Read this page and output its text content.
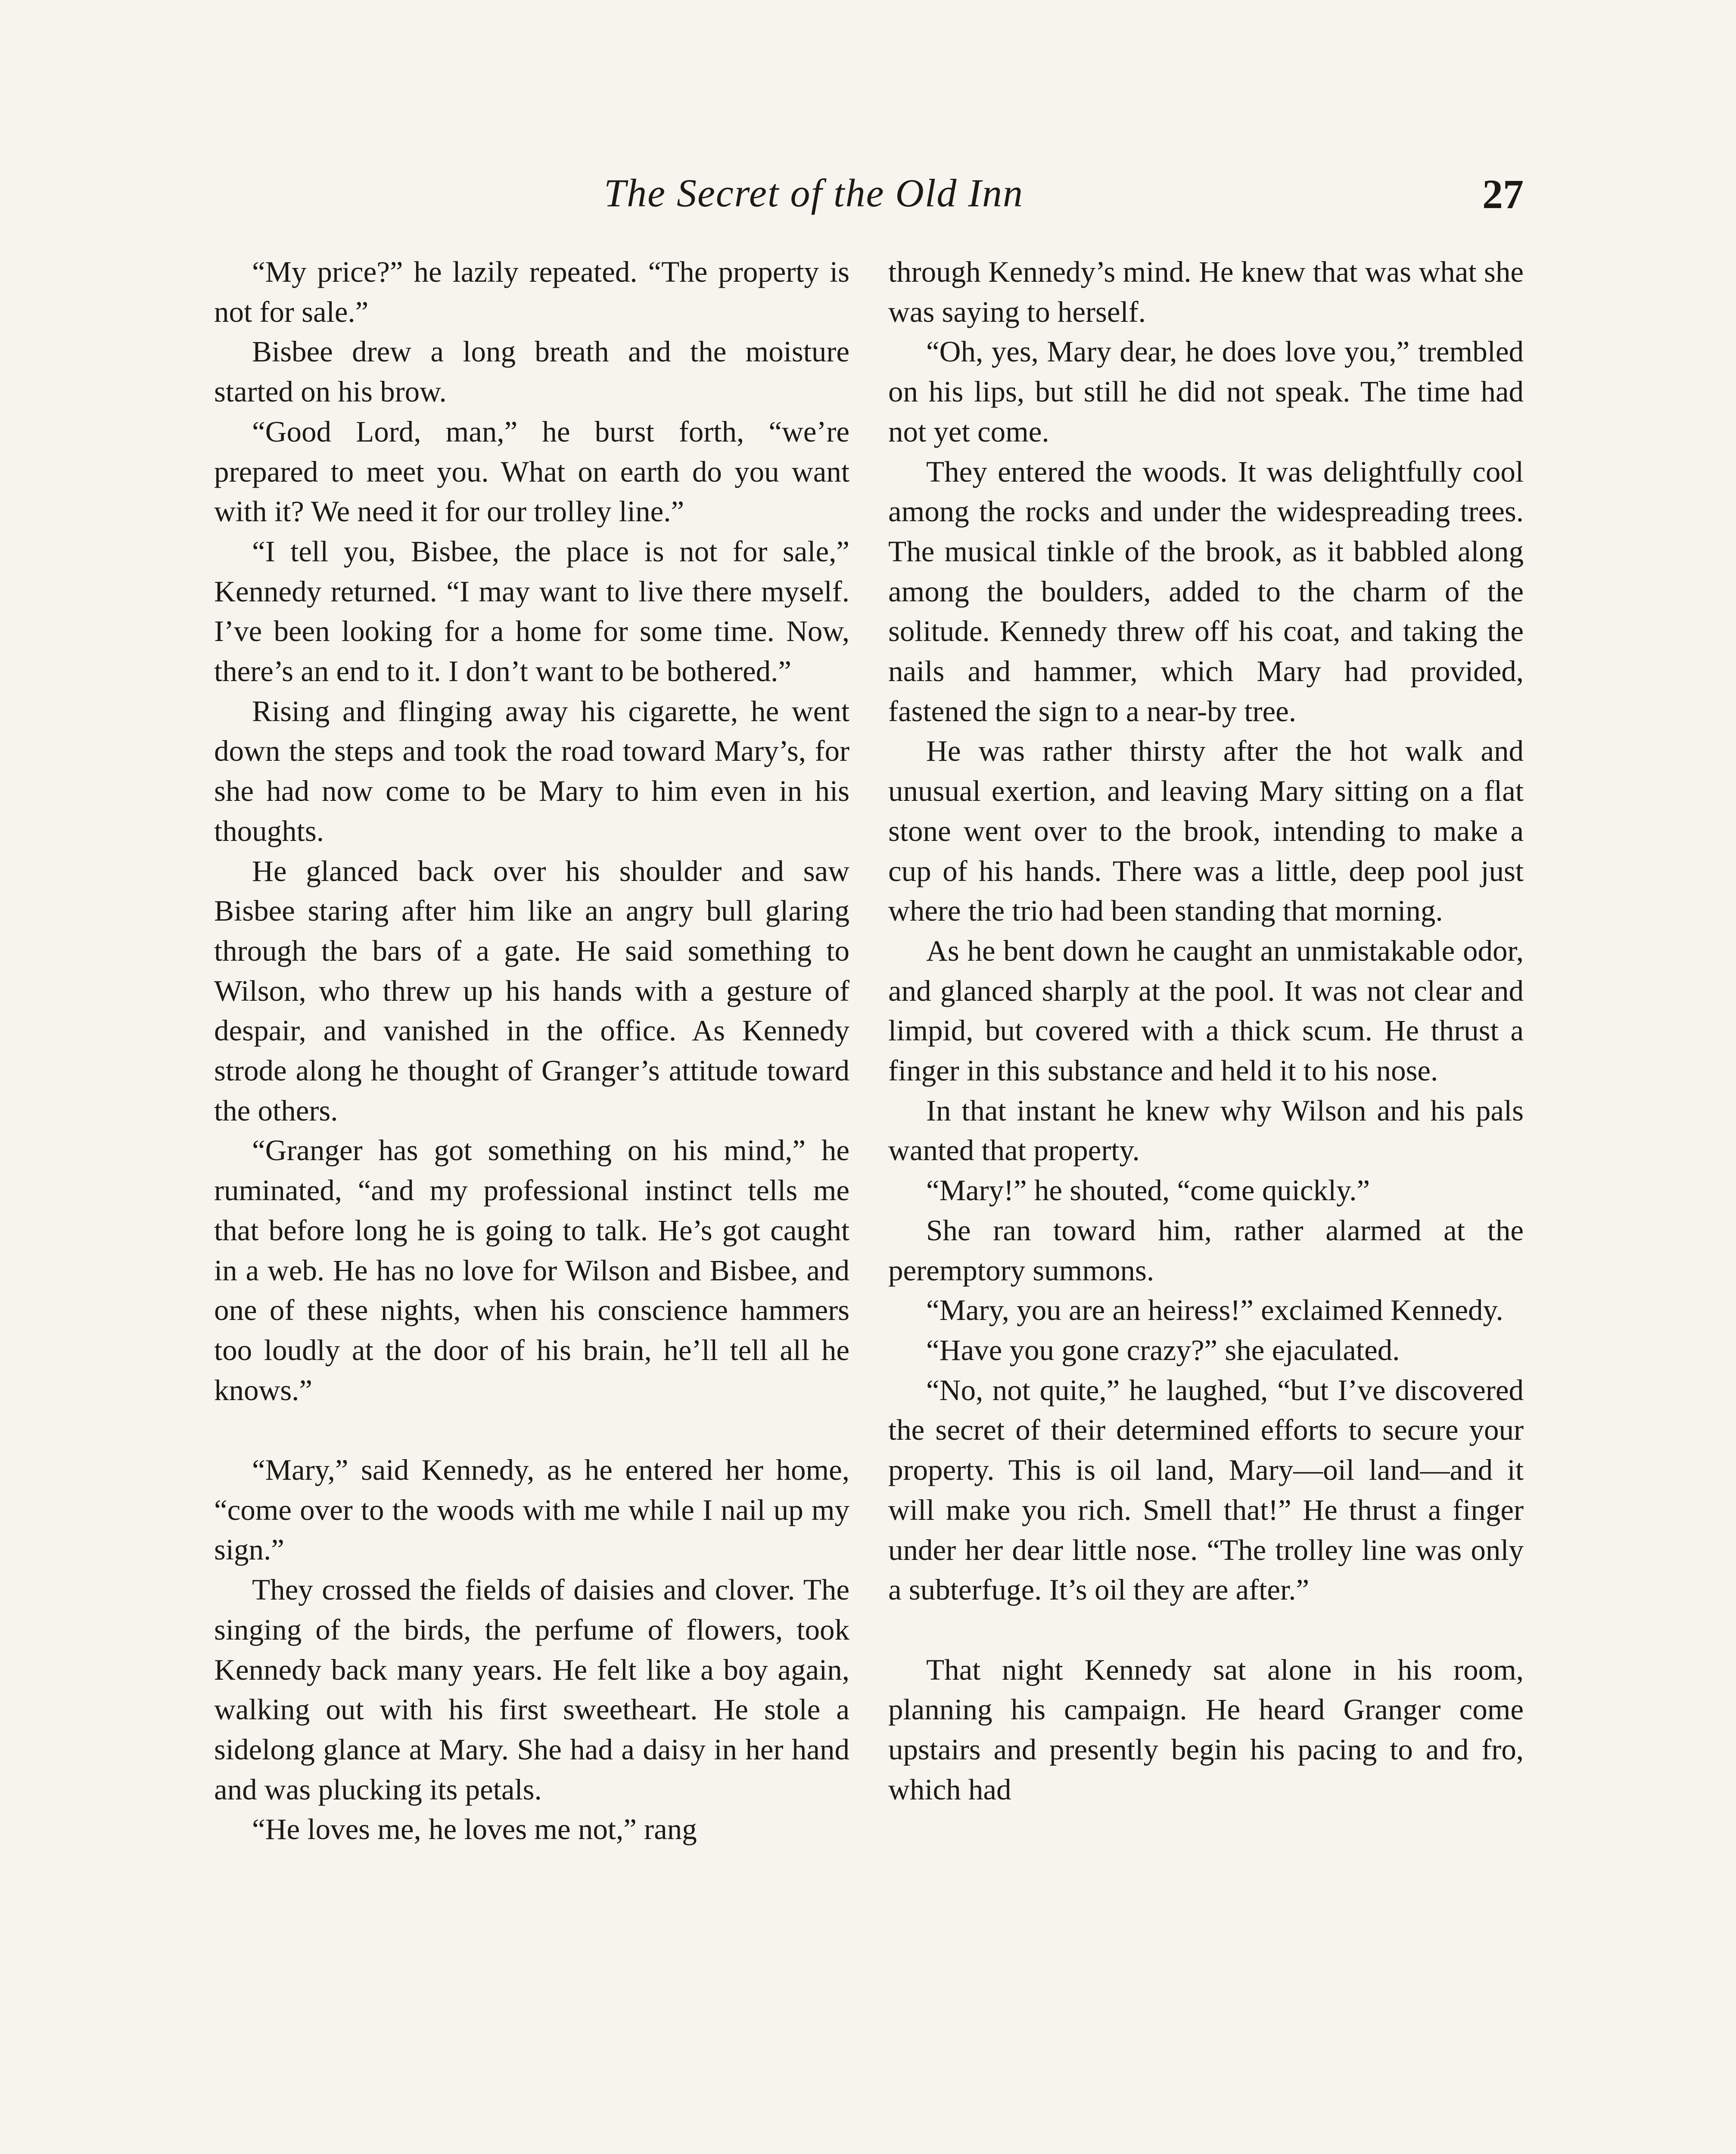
The Secret of the Old Inn	27

“My price?” he lazily repeated. “The property is not for sale.”

Bisbee drew a long breath and the moisture started on his brow.

“Good Lord, man,” he burst forth, “we’re prepared to meet you. What on earth do you want with it? We need it for our trolley line.”

“I tell you, Bisbee, the place is not for sale,” Kennedy returned. “I may want to live there myself. I’ve been looking for a home for some time. Now, there’s an end to it. I don’t want to be bothered.”

Rising and flinging away his cigarette, he went down the steps and took the road toward Mary’s, for she had now come to be Mary to him even in his thoughts.

He glanced back over his shoulder and saw Bisbee staring after him like an angry bull glaring through the bars of a gate. He said something to Wilson, who threw up his hands with a gesture of despair, and vanished in the office. As Kennedy strode along he thought of Granger’s attitude toward the others.

“Granger has got something on his mind,” he ruminated, “and my professional instinct tells me that before long he is going to talk. He’s got caught in a web. He has no love for Wilson and Bisbee, and one of these nights, when his conscience hammers too loudly at the door of his brain, he’ll tell all he knows.”

“Mary,” said Kennedy, as he entered her home, “come over to the woods with me while I nail up my sign.”

They crossed the fields of daisies and clover. The singing of the birds, the perfume of flowers, took Kennedy back many years. He felt like a boy again, walking out with his first sweetheart. He stole a sidelong glance at Mary. She had a daisy in her hand and was plucking its petals.

“He loves me, he loves me not,” rang

through Kennedy’s mind. He knew that was what she was saying to herself.

“Oh, yes, Mary dear, he does love you,” trembled on his lips, but still he did not speak. The time had not yet come.

They entered the woods. It was delightfully cool among the rocks and under the widespreading trees. The musical tinkle of the brook, as it babbled along among the boulders, added to the charm of the solitude. Kennedy threw off his coat, and taking the nails and hammer, which Mary had provided, fastened the sign to a near-by tree.

He was rather thirsty after the hot walk and unusual exertion, and leaving Mary sitting on a flat stone went over to the brook, intending to make a cup of his hands. There was a little, deep pool just where the trio had been standing that morning.

As he bent down he caught an unmistakable odor, and glanced sharply at the pool. It was not clear and limpid, but covered with a thick scum. He thrust a finger in this substance and held it to his nose.

In that instant he knew why Wilson and his pals wanted that property.

“Mary!” he shouted, “come quickly.”

She ran toward him, rather alarmed at the peremptory summons.

“Mary, you are an heiress!” exclaimed Kennedy.

“Have you gone crazy?” she ejaculated.

“No, not quite,” he laughed, “but I’ve discovered the secret of their determined efforts to secure your property. This is oil land, Mary—oil land—and it will make you rich. Smell that!” He thrust a finger under her dear little nose. “The trolley line was only a subterfuge. It’s oil they are after.”

That night Kennedy sat alone in his room, planning his campaign. He heard Granger come upstairs and presently begin his pacing to and fro, which had
